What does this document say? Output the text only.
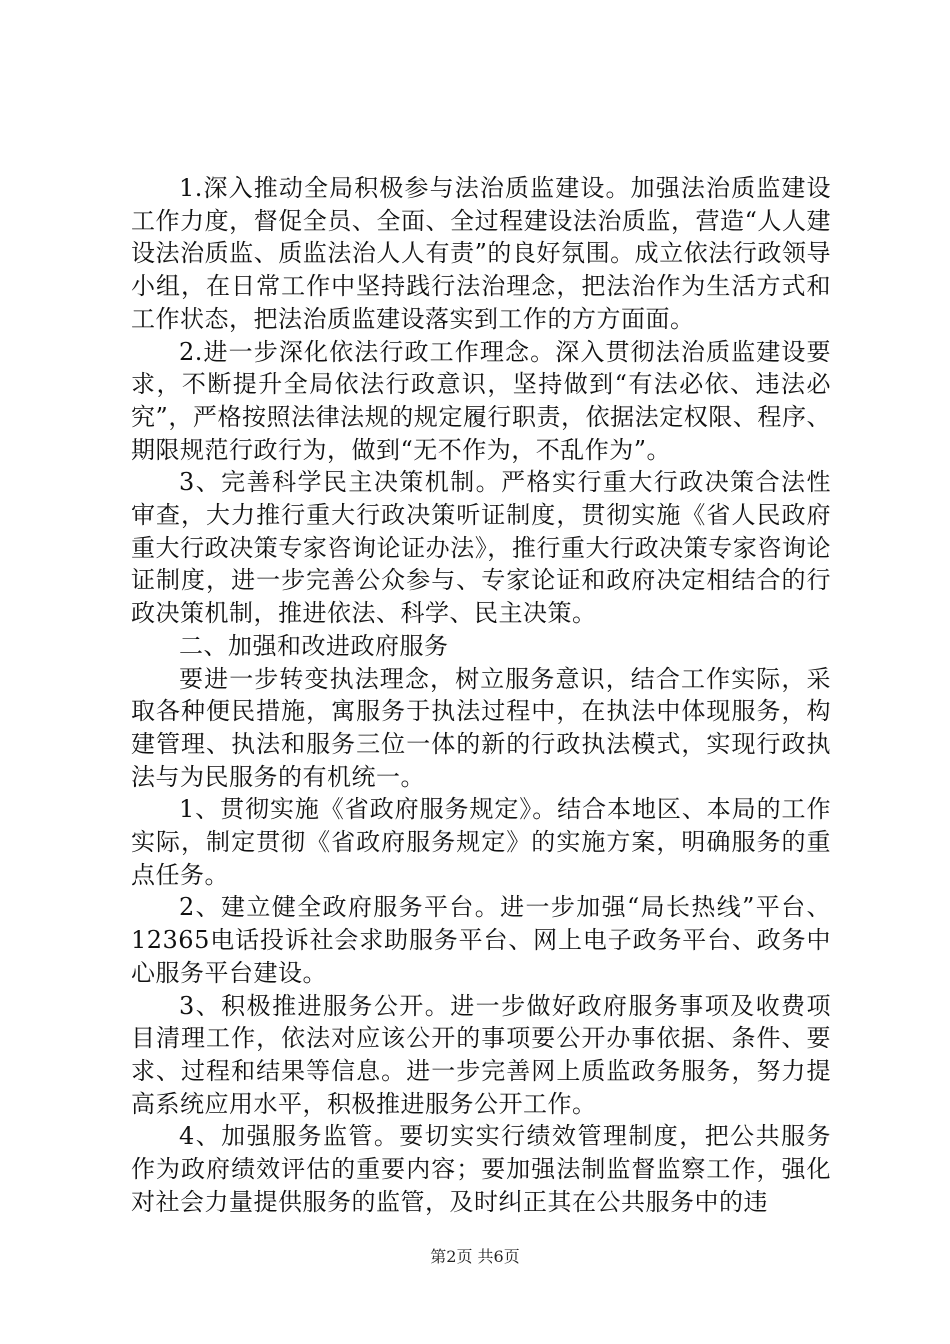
1.深入推动全局积极参与法治质监建设。加强法治质监建设工作力度，督促全员、全面、全过程建设法治质监，营造“人人建设法治质监、质监法治人人有责”的良好氛围。成立依法行政领导小组，在日常工作中坚持践行法治理念，把法治作为生活方式和工作状态，把法治质监建设落实到工作的方方面面。

2.进一步深化依法行政工作理念。深入贯彻法治质监建设要求，不断提升全局依法行政意识，坚持做到“有法必依、违法必究”，严格按照法律法规的规定履行职责，依据法定权限、程序、期限规范行政行为，做到“无不作为，不乱作为”。

3、完善科学民主决策机制。严格实行重大行政决策合法性审查，大力推行重大行政决策听证制度，贯彻实施《省人民政府重大行政决策专家咨询论证办法》，推行重大行政决策专家咨询论证制度，进一步完善公众参与、专家论证和政府决定相结合的行政决策机制，推进依法、科学、民主决策。

二、加强和改进政府服务

要进一步转变执法理念，树立服务意识，结合工作实际，采取各种便民措施，寓服务于执法过程中，在执法中体现服务，构建管理、执法和服务三位一体的新的行政执法模式，实现行政执法与为民服务的有机统一。

1、贯彻实施《省政府服务规定》。结合本地区、本局的工作实际，制定贯彻《省政府服务规定》的实施方案，明确服务的重点任务。

2、建立健全政府服务平台。进一步加强“局长热线”平台、12365电话投诉社会求助服务平台、网上电子政务平台、政务中心服务平台建设。

3、积极推进服务公开。进一步做好政府服务事项及收费项目清理工作，依法对应该公开的事项要公开办事依据、条件、要求、过程和结果等信息。进一步完善网上质监政务服务，努力提高系统应用水平，积极推进服务公开工作。

4、加强服务监管。要切实实行绩效管理制度，把公共服务作为政府绩效评估的重要内容；要加强法制监督监察工作，强化对社会力量提供服务的监管，及时纠正其在公共服务中的违

第2页 共6页
